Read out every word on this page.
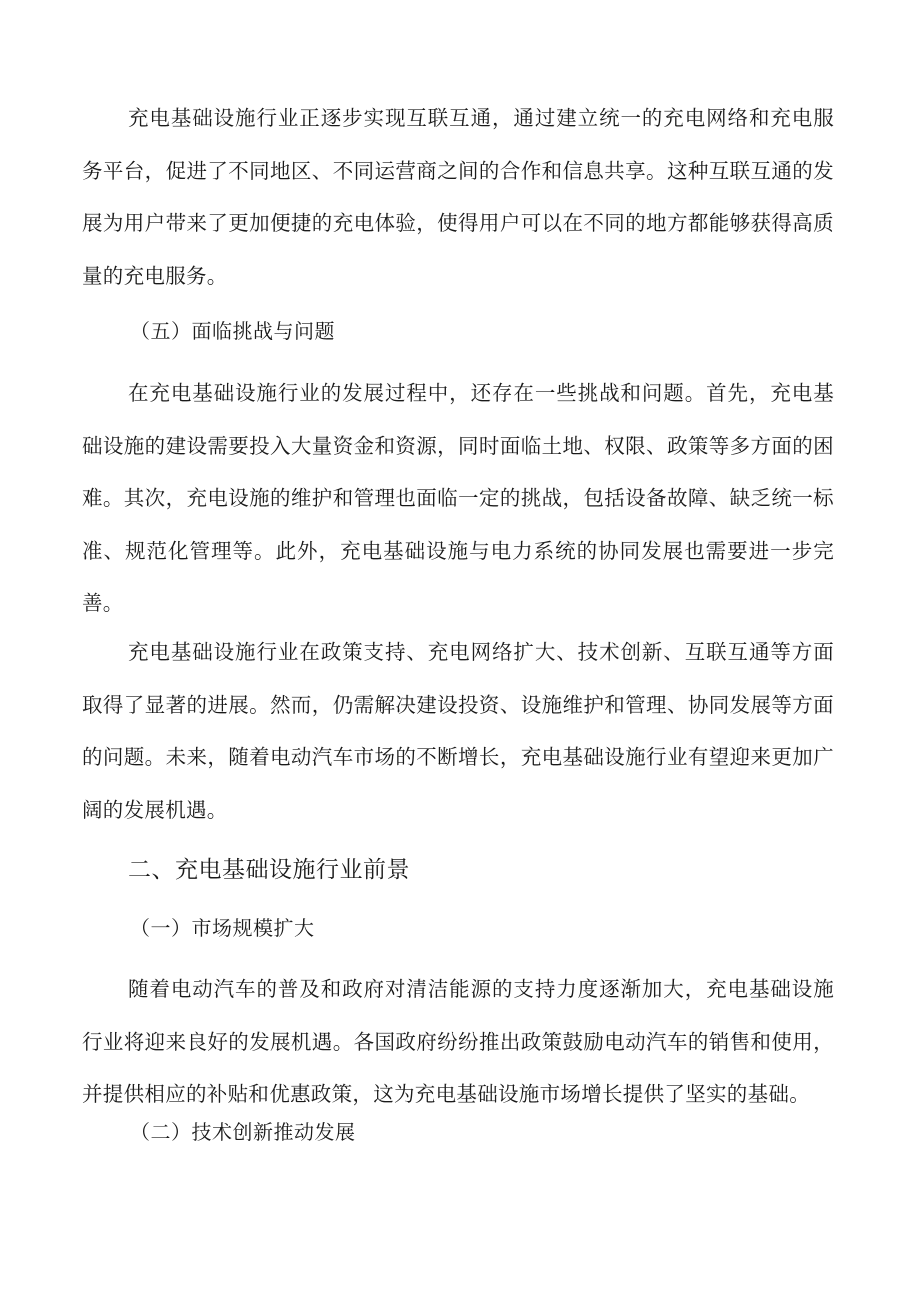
充电基础设施行业正逐步实现互联互通，通过建立统一的充电网络和充电服务平台，促进了不同地区、不同运营商之间的合作和信息共享。这种互联互通的发展为用户带来了更加便捷的充电体验，使得用户可以在不同的地方都能够获得高质量的充电服务。

（五）面临挑战与问题

在充电基础设施行业的发展过程中，还存在一些挑战和问题。首先，充电基础设施的建设需要投入大量资金和资源，同时面临土地、权限、政策等多方面的困难。其次，充电设施的维护和管理也面临一定的挑战，包括设备故障、缺乏统一标准、规范化管理等。此外，充电基础设施与电力系统的协同发展也需要进一步完善。

充电基础设施行业在政策支持、充电网络扩大、技术创新、互联互通等方面取得了显著的进展。然而，仍需解决建设投资、设施维护和管理、协同发展等方面的问题。未来，随着电动汽车市场的不断增长，充电基础设施行业有望迎来更加广阔的发展机遇。

二、充电基础设施行业前景

（一）市场规模扩大

随着电动汽车的普及和政府对清洁能源的支持力度逐渐加大，充电基础设施行业将迎来良好的发展机遇。各国政府纷纷推出政策鼓励电动汽车的销售和使用，并提供相应的补贴和优惠政策，这为充电基础设施市场增长提供了坚实的基础。

（二）技术创新推动发展
